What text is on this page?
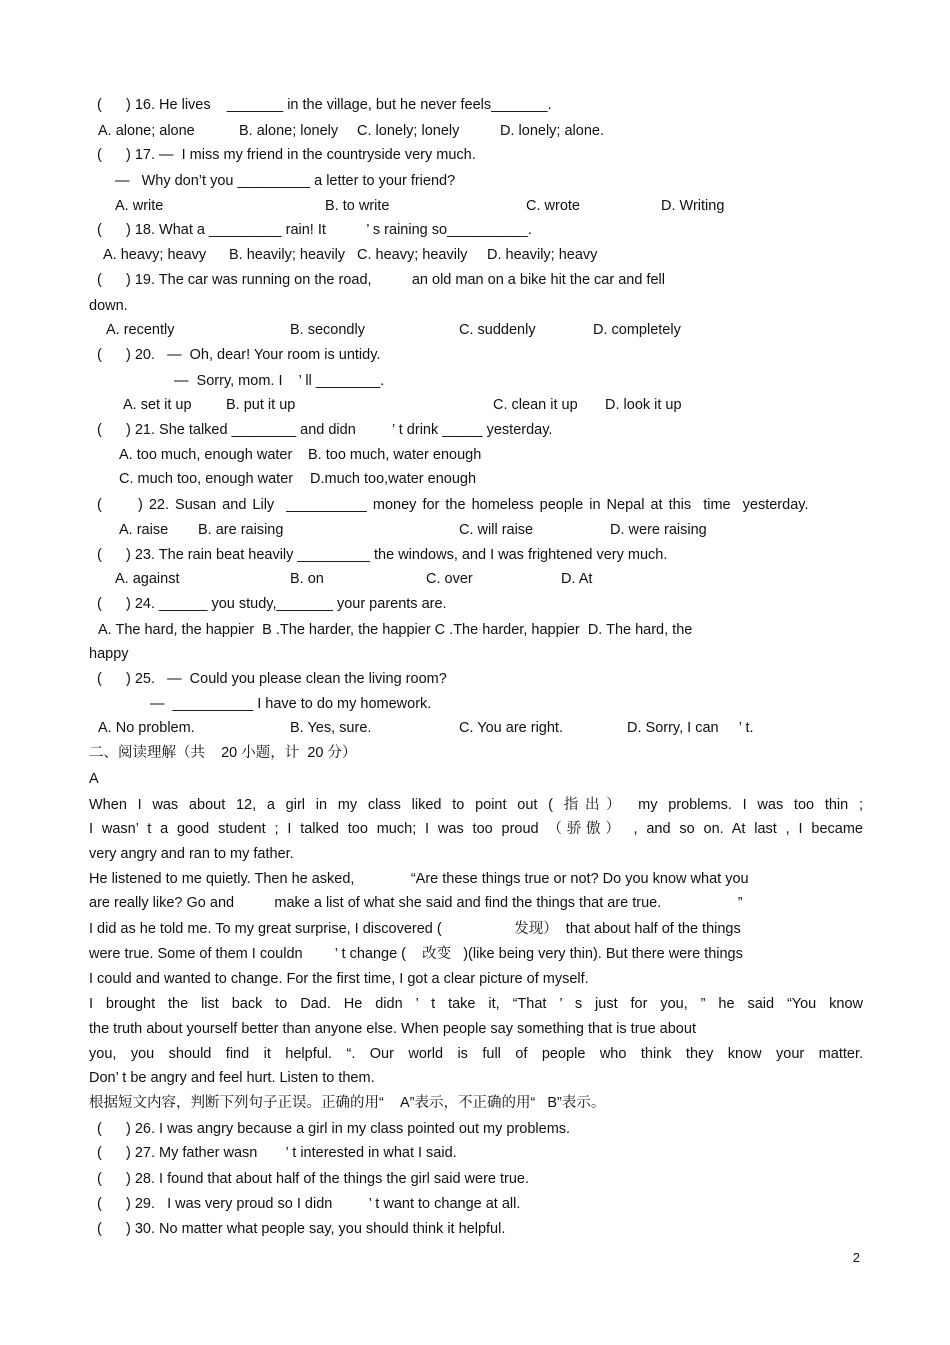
(      ) 16. He lives    _______ in the village, but he never feels_______.

A. alone; alone

	B. alone; lonely

C. lonely; lonely

	D. lonely; alone.

(      ) 17. —  I miss my friend in the countryside very much.
—   Why don’t you _________ a letter to your friend?

A. write

	B. to write

	C. wrote

	D. Writing

(      ) 18. What a _________ rain! It          ’ s raining so__________.

A. heavy; heavy

B. heavily; heavily

C. heavy; heavily

D. heavily; heavy

(      ) 19. The car was running on the road,          an old man on a bike hit the car and fell
down.

A. recently

	B. secondly

	C. suddenly

	D. completely

(      ) 20.   —  Oh, dear! Your room is untidy.
—  Sorry, mom. I    ’ ll ________.

A. set it up

B. put it up

	C. clean it up

D. look it up

(      ) 21. She talked ________ and didn         ’ t drink _____ yesterday.

A. too much, enough water

B. too much, water enough

C. much too, enough water

D.much too,water enough

(      ) 22. Susan and Lily  __________ money for the homeless people in Nepal at this  time  yesterday.

A. raise

B. are raising

	C. will raise

	D. were raising

(      ) 23. The rain beat heavily _________ the windows, and I was frightened very much.

A. against

	B. on

	C. over

	D. At

(      ) 24. ______ you study,_______ your parents are.
A. The hard, the happier  B .The harder, the happier C .The harder, happier  D. The hard, the
happy
(      ) 25.   —  Could you please clean the living room?
—  __________ I have to do my homework.

A. No problem.

	B. Yes, sure.

	C. You are right.

	D. Sorry, I can     ’ t.

二、阅读理解（共    20 小题，计  20 分）
A
When I was about 12, a girl in my class liked to point out ( 指出） my problems. I was too thin ;
I wasn’ t a good student ; I talked too much; I was too proud （骄傲） , and so on. At last , I became
very angry and ran to my father.
He listened to me quietly. Then he asked,              “Are these things true or not? Do you know what you
are really like? Go and          make a list of what she said and find the things that are true.                   ”
I did as he told me. To my great surprise, I discovered (                  发现）  that about half of the things
were true. Some of them I couldn        ’ t change (    改变   )(like being very thin). But there were things
I could and wanted to change. For the first time, I got a clear picture of myself.
I brought the list back to Dad. He didn ’ t take it, “That ’ s just for you, ” he said “You know
the truth about yourself better than anyone else. When people say something that is true about
you, you should find it helpful. “. Our world is full of people who think they know your matter.
Don’ t be angry and feel hurt. Listen to them.
根据短文内容，判断下列句子正误。正确的用“    A”表示，不正确的用“   B”表示。
(      ) 26. I was angry because a girl in my class pointed out my problems.
(      ) 27. My father wasn       ’ t interested in what I said.
(      ) 28. I found that about half of the things the girl said were true.
(      ) 29.   I was very proud so I didn         ’ t want to change at all.
(      ) 30. No matter what people say, you should think it helpful.
2
